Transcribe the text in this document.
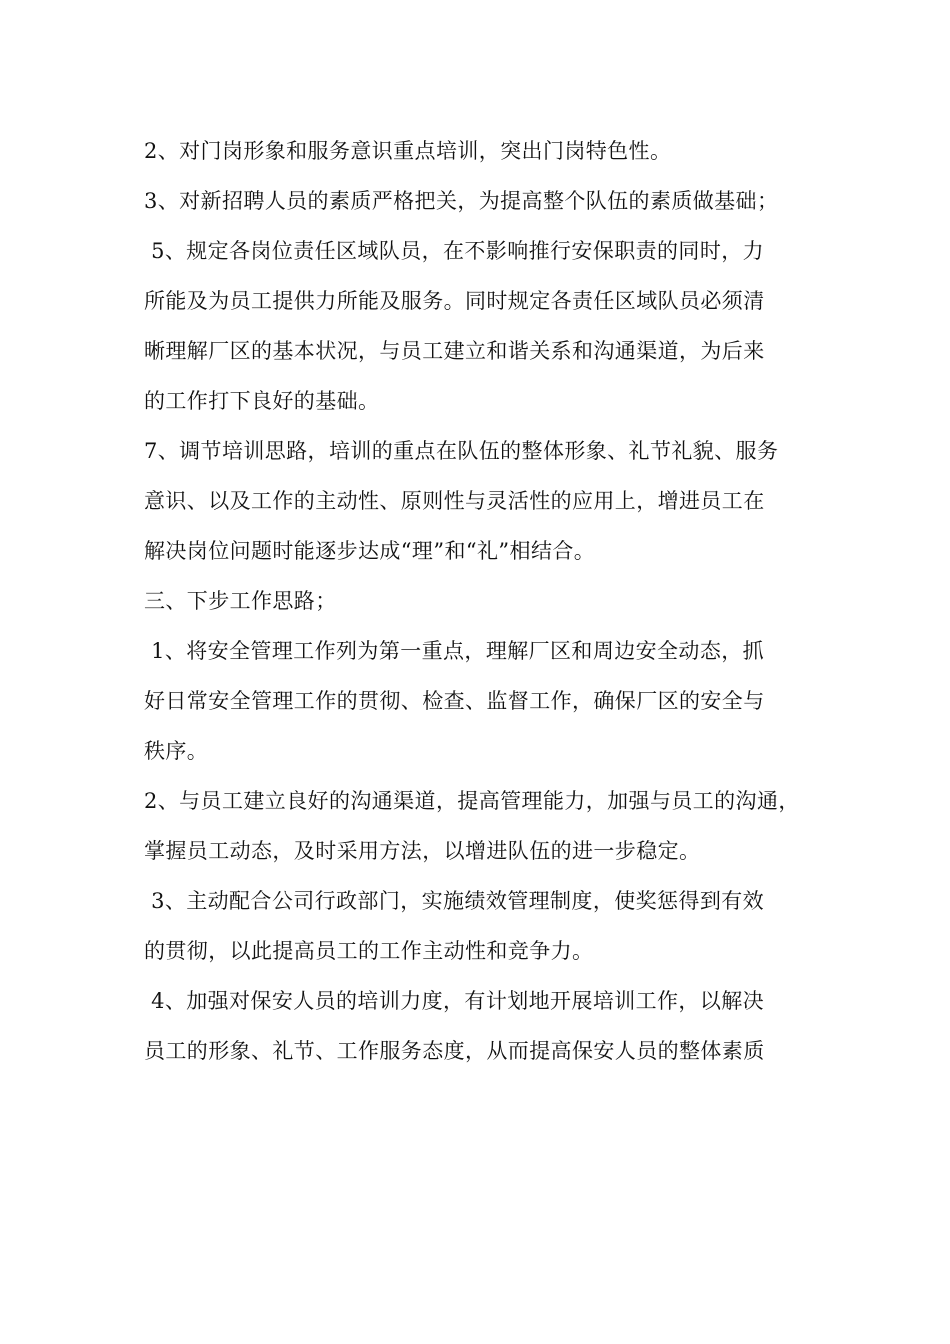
2、对门岗形象和服务意识重点培训，突出门岗特色性。
3、对新招聘人员的素质严格把关，为提高整个队伍的素质做基础；
5、规定各岗位责任区域队员，在不影响推行安保职责的同时，力
所能及为员工提供力所能及服务。同时规定各责任区域队员必须清
晰理解厂区的基本状况，与员工建立和谐关系和沟通渠道，为后来
的工作打下良好的基础。
7、调节培训思路，培训的重点在队伍的整体形象、礼节礼貌、服务
意识、以及工作的主动性、原则性与灵活性的应用上，增进员工在
解决岗位问题时能逐步达成“理”和“礼”相结合。
三、下步工作思路；
1、将安全管理工作列为第一重点，理解厂区和周边安全动态，抓
好日常安全管理工作的贯彻、检查、监督工作，确保厂区的安全与
秩序。
2、与员工建立良好的沟通渠道，提高管理能力，加强与员工的沟通，
掌握员工动态，及时采用方法，以增进队伍的进一步稳定。
3、主动配合公司行政部门，实施绩效管理制度，使奖惩得到有效
的贯彻，以此提高员工的工作主动性和竞争力。
4、加强对保安人员的培训力度，有计划地开展培训工作，以解决
员工的形象、礼节、工作服务态度，从而提高保安人员的整体素质
